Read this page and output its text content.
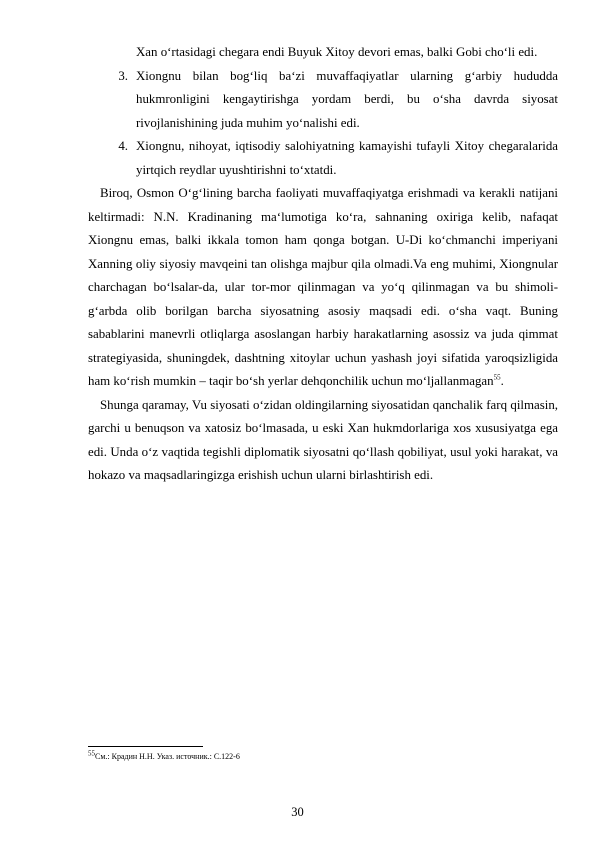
Xan o‘rtasidagi chegara endi Buyuk Xitoy devori emas, balki Gobi cho‘li edi.
3. Xiongnu bilan bog‘liq ba‘zi muvaffaqiyatlar ularning g‘arbiy hududda hukmronligini kengaytirishga yordam berdi, bu o‘sha davrda siyosat rivojlanishining juda muhim yo‘nalishi edi.
4. Xiongnu, nihoyat, iqtisodiy salohiyatning kamayishi tufayli Xitoy chegaralarida yirtqich reydlar uyushtirishni to‘xtatdi.
Biroq, Osmon O‘g‘lining barcha faoliyati muvaffaqiyatga erishmadi va kerakli natijani keltirmadi: N.N. Kradinaning ma‘lumotiga ko‘ra, sahnaning oxiriga kelib, nafaqat Xiongnu emas, balki ikkala tomon ham qonga botgan. U-Di ko‘chmanchi imperiyani Xanning oliy siyosiy mavqeini tan olishga majbur qila olmadi.Va eng muhimi, Xiongnular charchagan bo‘lsalar-da, ular tor-mor qilinmagan va yo‘q qilinmagan va bu shimoli-g‘arbda olib borilgan barcha siyosatning asosiy maqsadi edi. o‘sha vaqt. Buning sabablarini manevrli otliqlarga asoslangan harbiy harakatlarning asossiz va juda qimmat strategiyasida, shuningdek, dashtning xitoylar uchun yashash joyi sifatida yaroqsizligida ham ko‘rish mumkin – taqir bo‘sh yerlar dehqonchilik uchun mo‘ljallanmagan$^{55}$.
Shunga qaramay, Vu siyosati o‘zidan oldingilarning siyosatidan qanchalik farq qilmasin, garchi u benuqson va xatosiz bo‘lmasada, u eski Xan hukmdorlariga xos xususiyatga ega edi. Unda o‘z vaqtida tegishli diplomatik siyosatni qo‘llash qobiliyat, usul yoki harakat, va hokazo va maqsadlaringizga erishish uchun ularni birlashtirish edi.
$^{55}$См.: Крадин Н.Н. Указ. источник.: С.122-6
30
